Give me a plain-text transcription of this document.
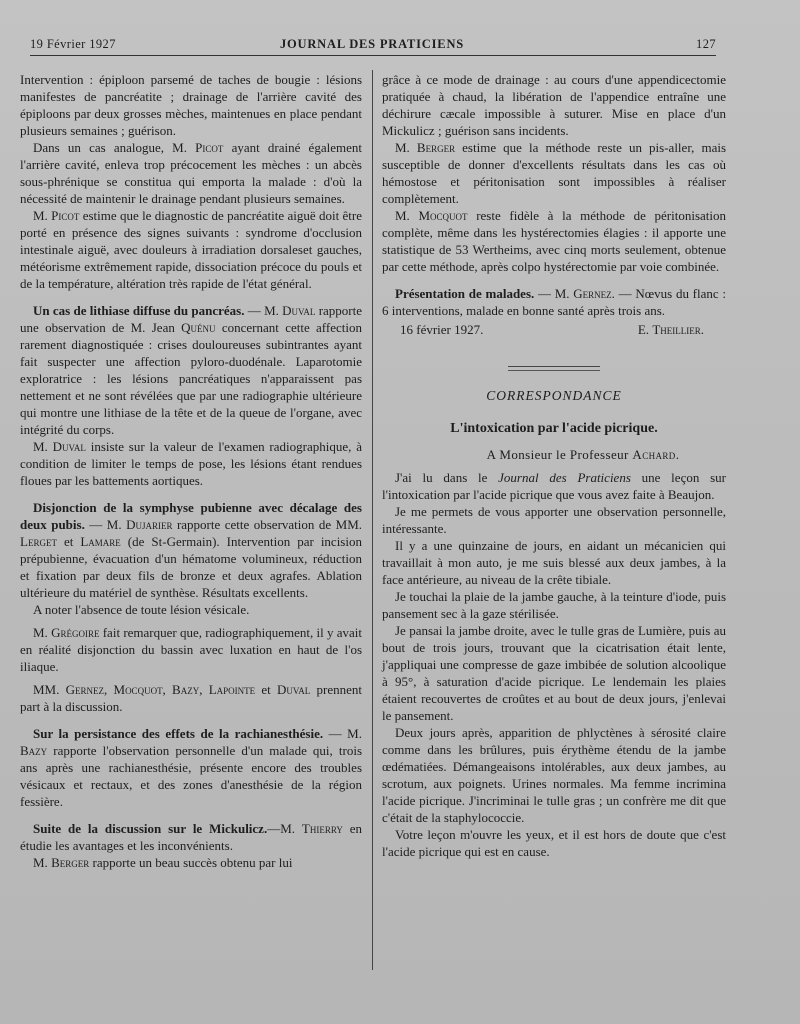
19 Février 1927	JOURNAL DES PRATICIENS	127

Intervention : épiploon parsemé de taches de bougie : lésions manifestes de pancréatite ; drainage de l'arrière cavité des épiploons par deux grosses mèches, maintenues en place pendant plusieurs semaines ; guérison.

Dans un cas analogue, M. Picot ayant drainé également l'arrière cavité, enleva trop précocement les mèches : un abcès sous-phrénique se constitua qui emporta la malade : d'où la nécessité de maintenir le drainage pendant plusieurs semaines.

M. Picot estime que le diagnostic de pancréatite aiguë doit être porté en présence des signes suivants : syndrome d'occlusion intestinale aiguë, avec douleurs à irradiation dorsaleset gauches, météorisme extrêmement rapide, dissociation précoce du pouls et de la température, altération très rapide de l'état général.

Un cas de lithiase diffuse du pancréas. — M. Duval rapporte une observation de M. Jean Quénu concernant cette affection rarement diagnostiquée : crises douloureuses subintrantes ayant fait suspecter une affection pyloro-duodénale. Laparotomie exploratrice : les lésions pancréatiques n'apparaissent pas nettement et ne sont révélées que par une radiographie ultérieure qui montre une lithiase de la tête et de la queue de l'organe, avec intégrité du corps.

M. Duval insiste sur la valeur de l'examen radiographique, à condition de limiter le temps de pose, les lésions étant rendues floues par les battements aortiques.

Disjonction de la symphyse pubienne avec décalage des deux pubis. — M. Dujarier rapporte cette observation de MM. Lerget et Lamare (de St-Germain). Intervention par incision prépubienne, évacuation d'un hématome volumineux, réduction et fixation par deux fils de bronze et deux agrafes. Ablation ultérieure du matériel de synthèse. Résultats excellents.

A noter l'absence de toute lésion vésicale.

M. Grégoire fait remarquer que, radiographiquement, il y avait en réalité disjonction du bassin avec luxation en haut de l'os iliaque.

MM. Gernez, Mocquot, Bazy, Lapointe et Duval prennent part à la discussion.

Sur la persistance des effets de la rachianesthésie. — M. Bazy rapporte l'observation personnelle d'un malade qui, trois ans après une rachianesthésie, présente encore des troubles vésicaux et rectaux, et des zones d'anesthésie de la région fessière.

Suite de la discussion sur le Mickulicz.—M. Thierry en étudie les avantages et les inconvénients.

M. Berger rapporte un beau succès obtenu par lui

grâce à ce mode de drainage : au cours d'une appendicectomie pratiquée à chaud, la libération de l'appendice entraîne une déchirure cæcale impossible à suturer. Mise en place d'un Mickulicz ; guérison sans incidents.

M. Berger estime que la méthode reste un pis-aller, mais susceptible de donner d'excellents résultats dans les cas où hémostose et péritonisation sont impossibles à réaliser complètement.

M. Mocquot reste fidèle à la méthode de péritonisation complète, même dans les hystérectomies élagies : il apporte une statistique de 53 Wertheims, avec cinq morts seulement, obtenue par cette méthode, après colpo hystérectomie par voie combinée.

Présentation de malades. — M. Gernez. — Nœvus du flanc : 6 interventions, malade en bonne santé après trois ans.

16 février 1927.	E. Theillier.
CORRESPONDANCE
L'intoxication par l'acide picrique.
A Monsieur le Professeur Achard.

J'ai lu dans le Journal des Praticiens une leçon sur l'intoxication par l'acide picrique que vous avez faite à Beaujon.

Je me permets de vous apporter une observation personnelle, intéressante.

Il y a une quinzaine de jours, en aidant un mécanicien qui travaillait à mon auto, je me suis blessé aux deux jambes, à la face antérieure, au niveau de la crête tibiale.

Je touchai la plaie de la jambe gauche, à la teinture d'iode, puis pansement sec à la gaze stérilisée.

Je pansai la jambe droite, avec le tulle gras de Lumière, puis au bout de trois jours, trouvant que la cicatrisation était lente, j'appliquai une compresse de gaze imbibée de solution alcoolique à 95°, à saturation d'acide picrique. Le lendemain les plaies étaient recouvertes de croûtes et au bout de deux jours, j'enlevai le pansement.

Deux jours après, apparition de phlyctènes à sérosité claire comme dans les brûlures, puis érythème étendu de la jambe œdématiées. Démangeaisons intolérables, aux deux jambes, au scrotum, aux poignets. Urines normales. Ma femme incrimina l'acide picrique. J'incriminai le tulle gras ; un confrère me dit que c'était de la staphylococcie.

Votre leçon m'ouvre les yeux, et il est hors de doute que c'est l'acide picrique qui est en cause.
